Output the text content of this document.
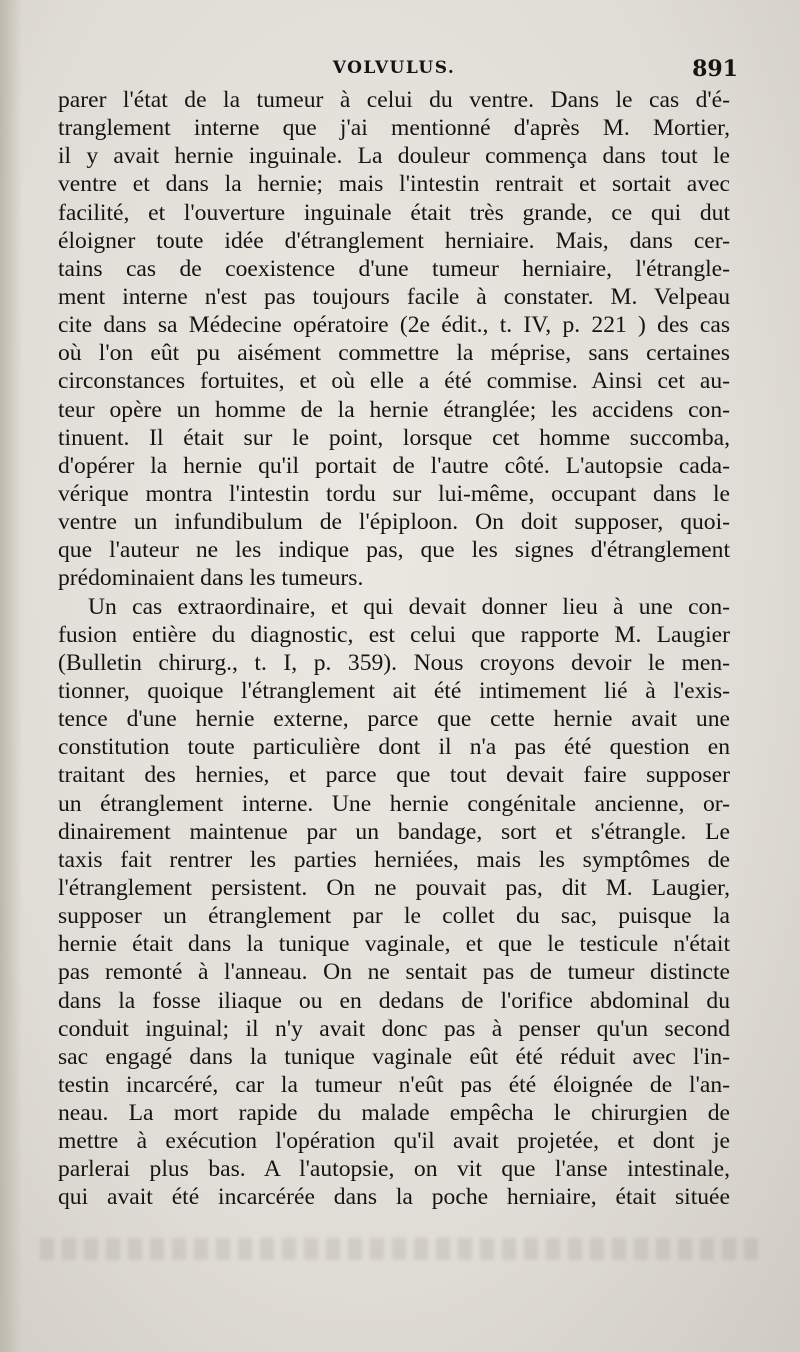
VOLVULUS.	891
parer l'état de la tumeur à celui du ventre. Dans le cas d'é-
tranglement interne que j'ai mentionné d'après M. Mortier,
il y avait hernie inguinale. La douleur commença dans tout le
ventre et dans la hernie; mais l'intestin rentrait et sortait avec
facilité, et l'ouverture inguinale était très grande, ce qui dut
éloigner toute idée d'étranglement herniaire. Mais, dans cer-
tains cas de coexistence d'une tumeur herniaire, l'étrangle-
ment interne n'est pas toujours facile à constater. M. Velpeau
cite dans sa Médecine opératoire (2e édit., t. IV, p. 221 ) des cas
où l'on eût pu aisément commettre la méprise, sans certaines
circonstances fortuites, et où elle a été commise. Ainsi cet au-
teur opère un homme de la hernie étranglée; les accidens con-
tinuent. Il était sur le point, lorsque cet homme succomba,
d'opérer la hernie qu'il portait de l'autre côté. L'autopsie cada-
vérique montra l'intestin tordu sur lui-même, occupant dans le
ventre un infundibulum de l'épiploon. On doit supposer, quoi-
que l'auteur ne les indique pas, que les signes d'étranglement
prédominaient dans les tumeurs.
Un cas extraordinaire, et qui devait donner lieu à une con-
fusion entière du diagnostic, est celui que rapporte M. Laugier
(Bulletin chirurg., t. I, p. 359). Nous croyons devoir le men-
tionner, quoique l'étranglement ait été intimement lié à l'exis-
tence d'une hernie externe, parce que cette hernie avait une
constitution toute particulière dont il n'a pas été question en
traitant des hernies, et parce que tout devait faire supposer
un étranglement interne. Une hernie congénitale ancienne, or-
dinairement maintenue par un bandage, sort et s'étrangle. Le
taxis fait rentrer les parties herniées, mais les symptômes de
l'étranglement persistent. On ne pouvait pas, dit M. Laugier,
supposer un étranglement par le collet du sac, puisque la
hernie était dans la tunique vaginale, et que le testicule n'était
pas remonté à l'anneau. On ne sentait pas de tumeur distincte
dans la fosse iliaque ou en dedans de l'orifice abdominal du
conduit inguinal; il n'y avait donc pas à penser qu'un second
sac engagé dans la tunique vaginale eût été réduit avec l'in-
testin incarcéré, car la tumeur n'eût pas été éloignée de l'an-
neau. La mort rapide du malade empêcha le chirurgien de
mettre à exécution l'opération qu'il avait projetée, et dont je
parlerai plus bas. A l'autopsie, on vit que l'anse intestinale,
qui avait été incarcérée dans la poche herniaire, était située
